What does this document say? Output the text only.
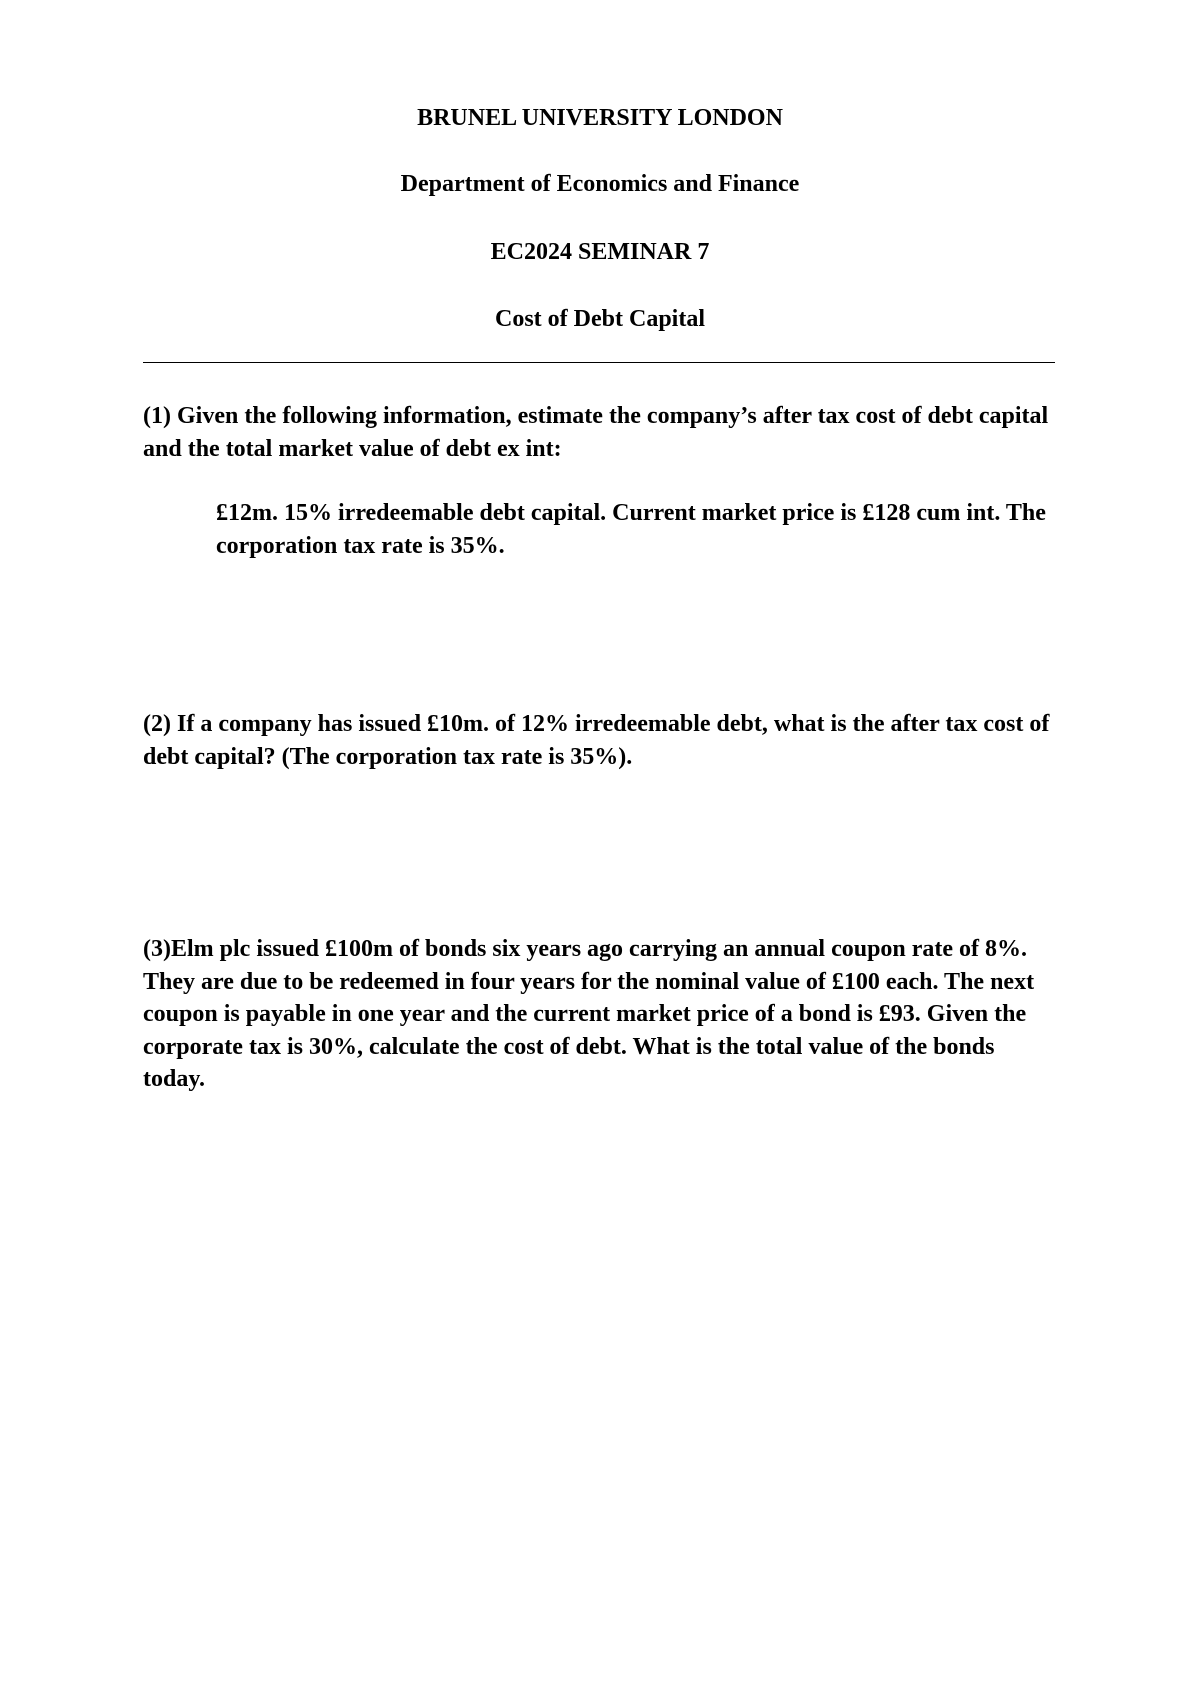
BRUNEL UNIVERSITY LONDON

Department of Economics and Finance

EC2024 SEMINAR 7

Cost of Debt Capital

(1) Given the following information, estimate the company’s after tax cost of debt capital and the total market value of debt ex int:

£12m. 15% irredeemable debt capital. Current market price is £128 cum int. The corporation tax rate is 35%.

(2) If a company has issued £10m. of 12% irredeemable debt, what is the after tax cost of debt capital? (The corporation tax rate is 35%).

(3)Elm plc issued £100m of bonds six years ago carrying an annual coupon rate of 8%. They are due to be redeemed in four years for the nominal value of £100 each. The next coupon is payable in one year and the current market price of a bond is £93. Given the corporate tax is 30%, calculate the cost of debt. What is the total value of the bonds today.
